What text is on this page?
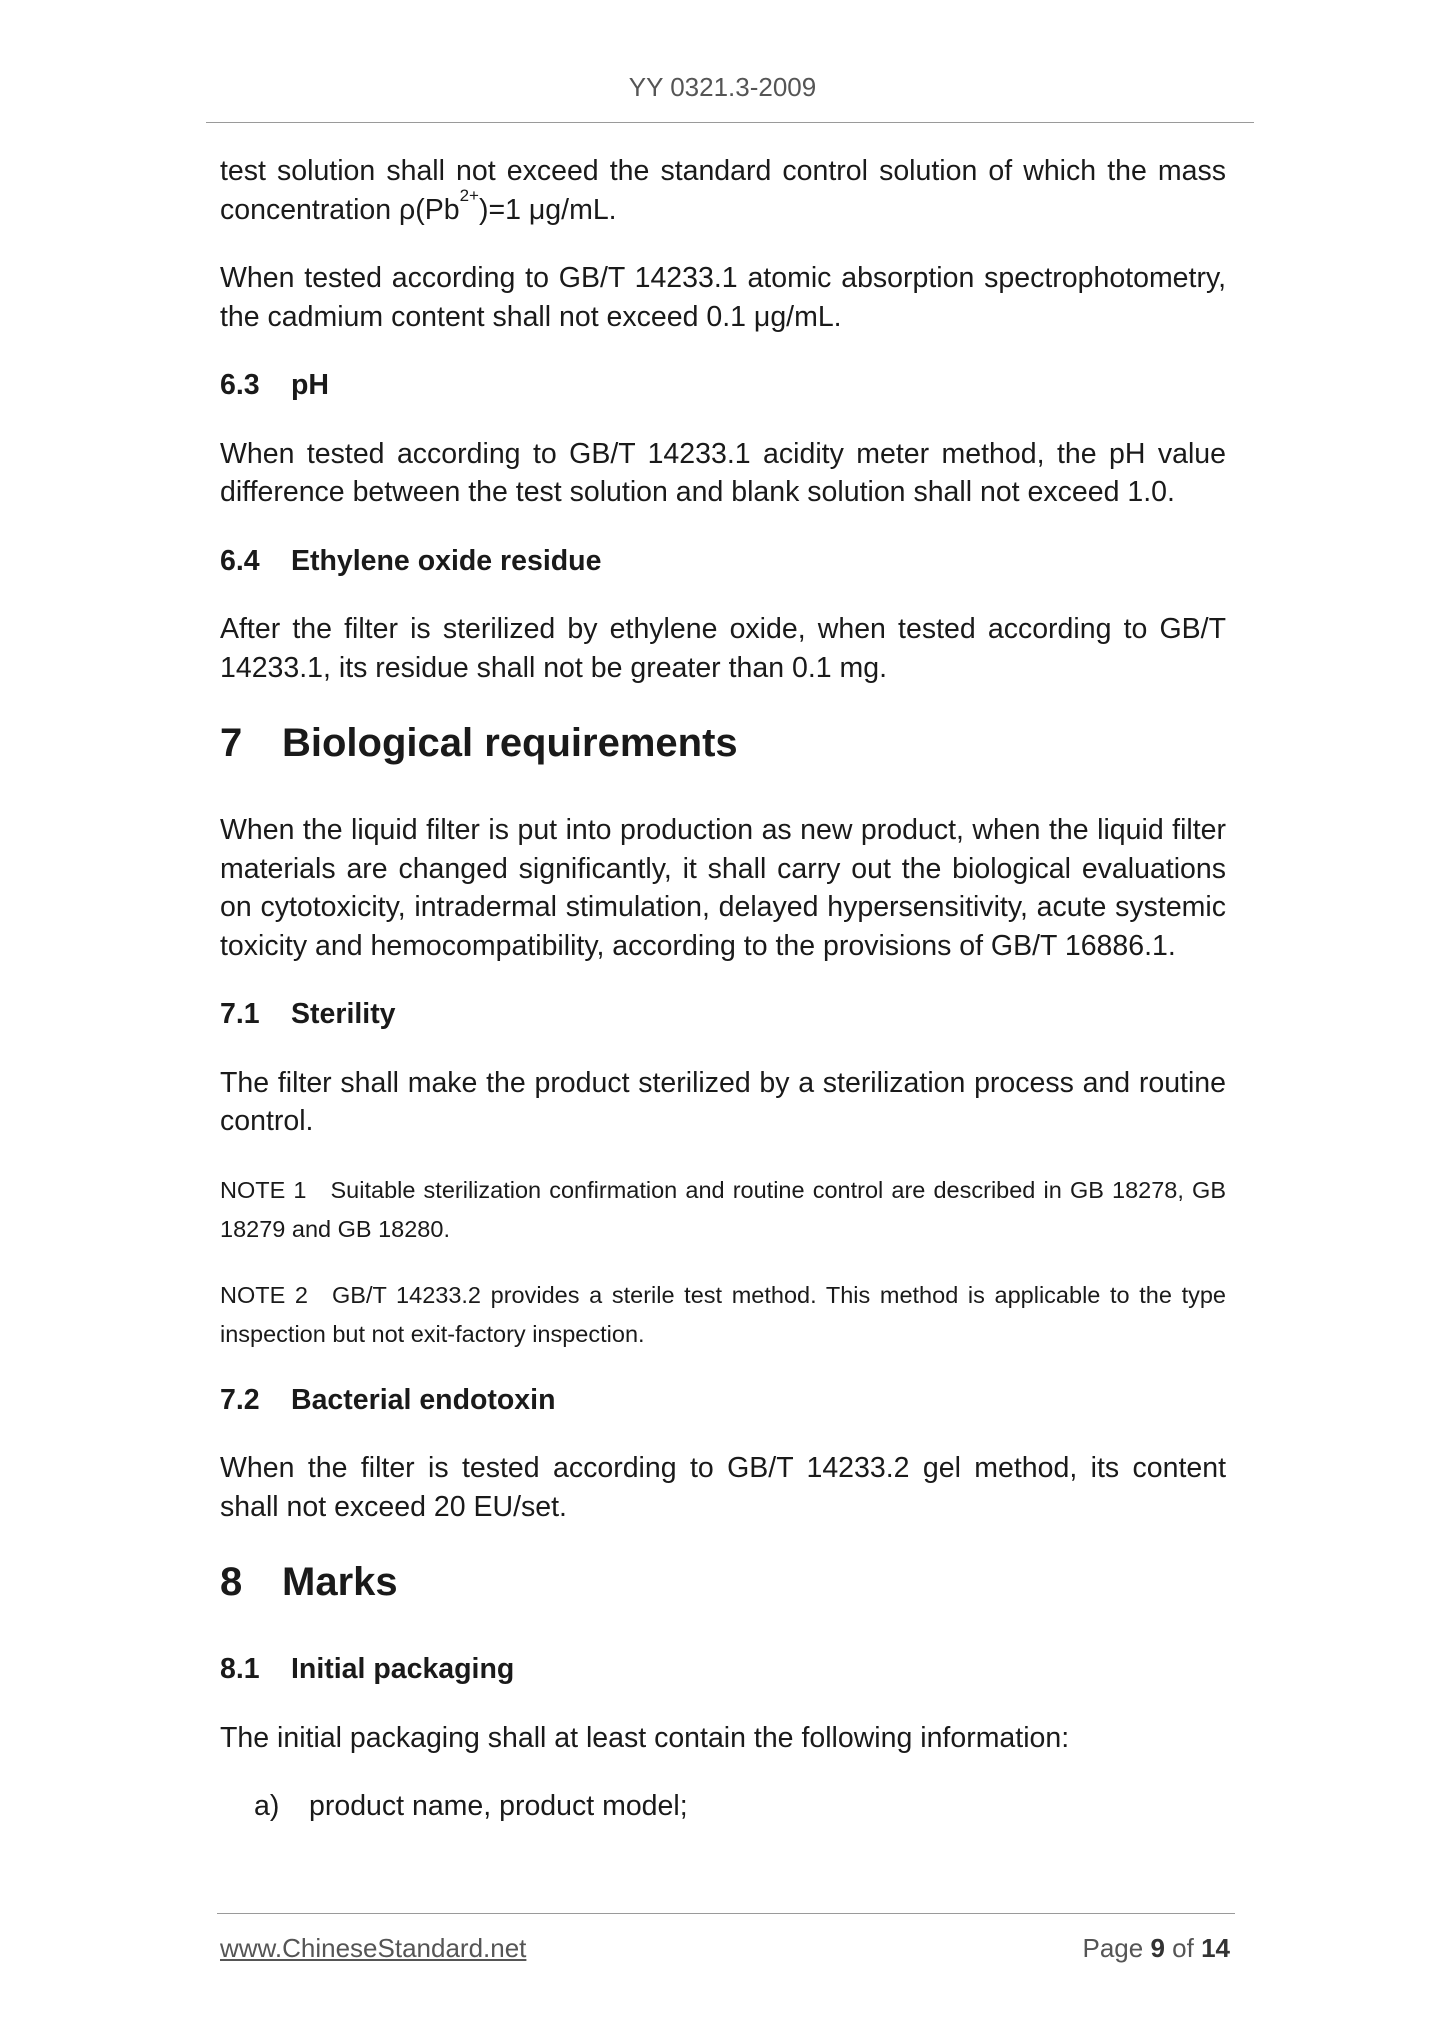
YY 0321.3-2009

test solution shall not exceed the standard control solution of which the mass concentration $\rho(Pb^{2+})=1$ μg/mL.

When tested according to GB/T 14233.1 atomic absorption spectrophotometry, the cadmium content shall not exceed 0.1 μg/mL.

6.3 pH

When tested according to GB/T 14233.1 acidity meter method, the pH value difference between the test solution and blank solution shall not exceed 1.0.

6.4 Ethylene oxide residue

After the filter is sterilized by ethylene oxide, when tested according to GB/T 14233.1, its residue shall not be greater than 0.1 mg.

7 Biological requirements

When the liquid filter is put into production as new product, when the liquid filter materials are changed significantly, it shall carry out the biological evaluations on cytotoxicity, intradermal stimulation, delayed hypersensitivity, acute systemic toxicity and hemocompatibility, according to the provisions of GB/T 16886.1.

7.1 Sterility

The filter shall make the product sterilized by a sterilization process and routine control.

NOTE 1 Suitable sterilization confirmation and routine control are described in GB 18278, GB 18279 and GB 18280.
NOTE 2 GB/T 14233.2 provides a sterile test method. This method is applicable to the type inspection but not exit-factory inspection.
7.2 Bacterial endotoxin

When the filter is tested according to GB/T 14233.2 gel method, its content shall not exceed 20 EU/set.

8 Marks
8.1 Initial packaging

The initial packaging shall at least contain the following information:

a) product name, product model;

www.ChineseStandard.net	Page 9 of 14
